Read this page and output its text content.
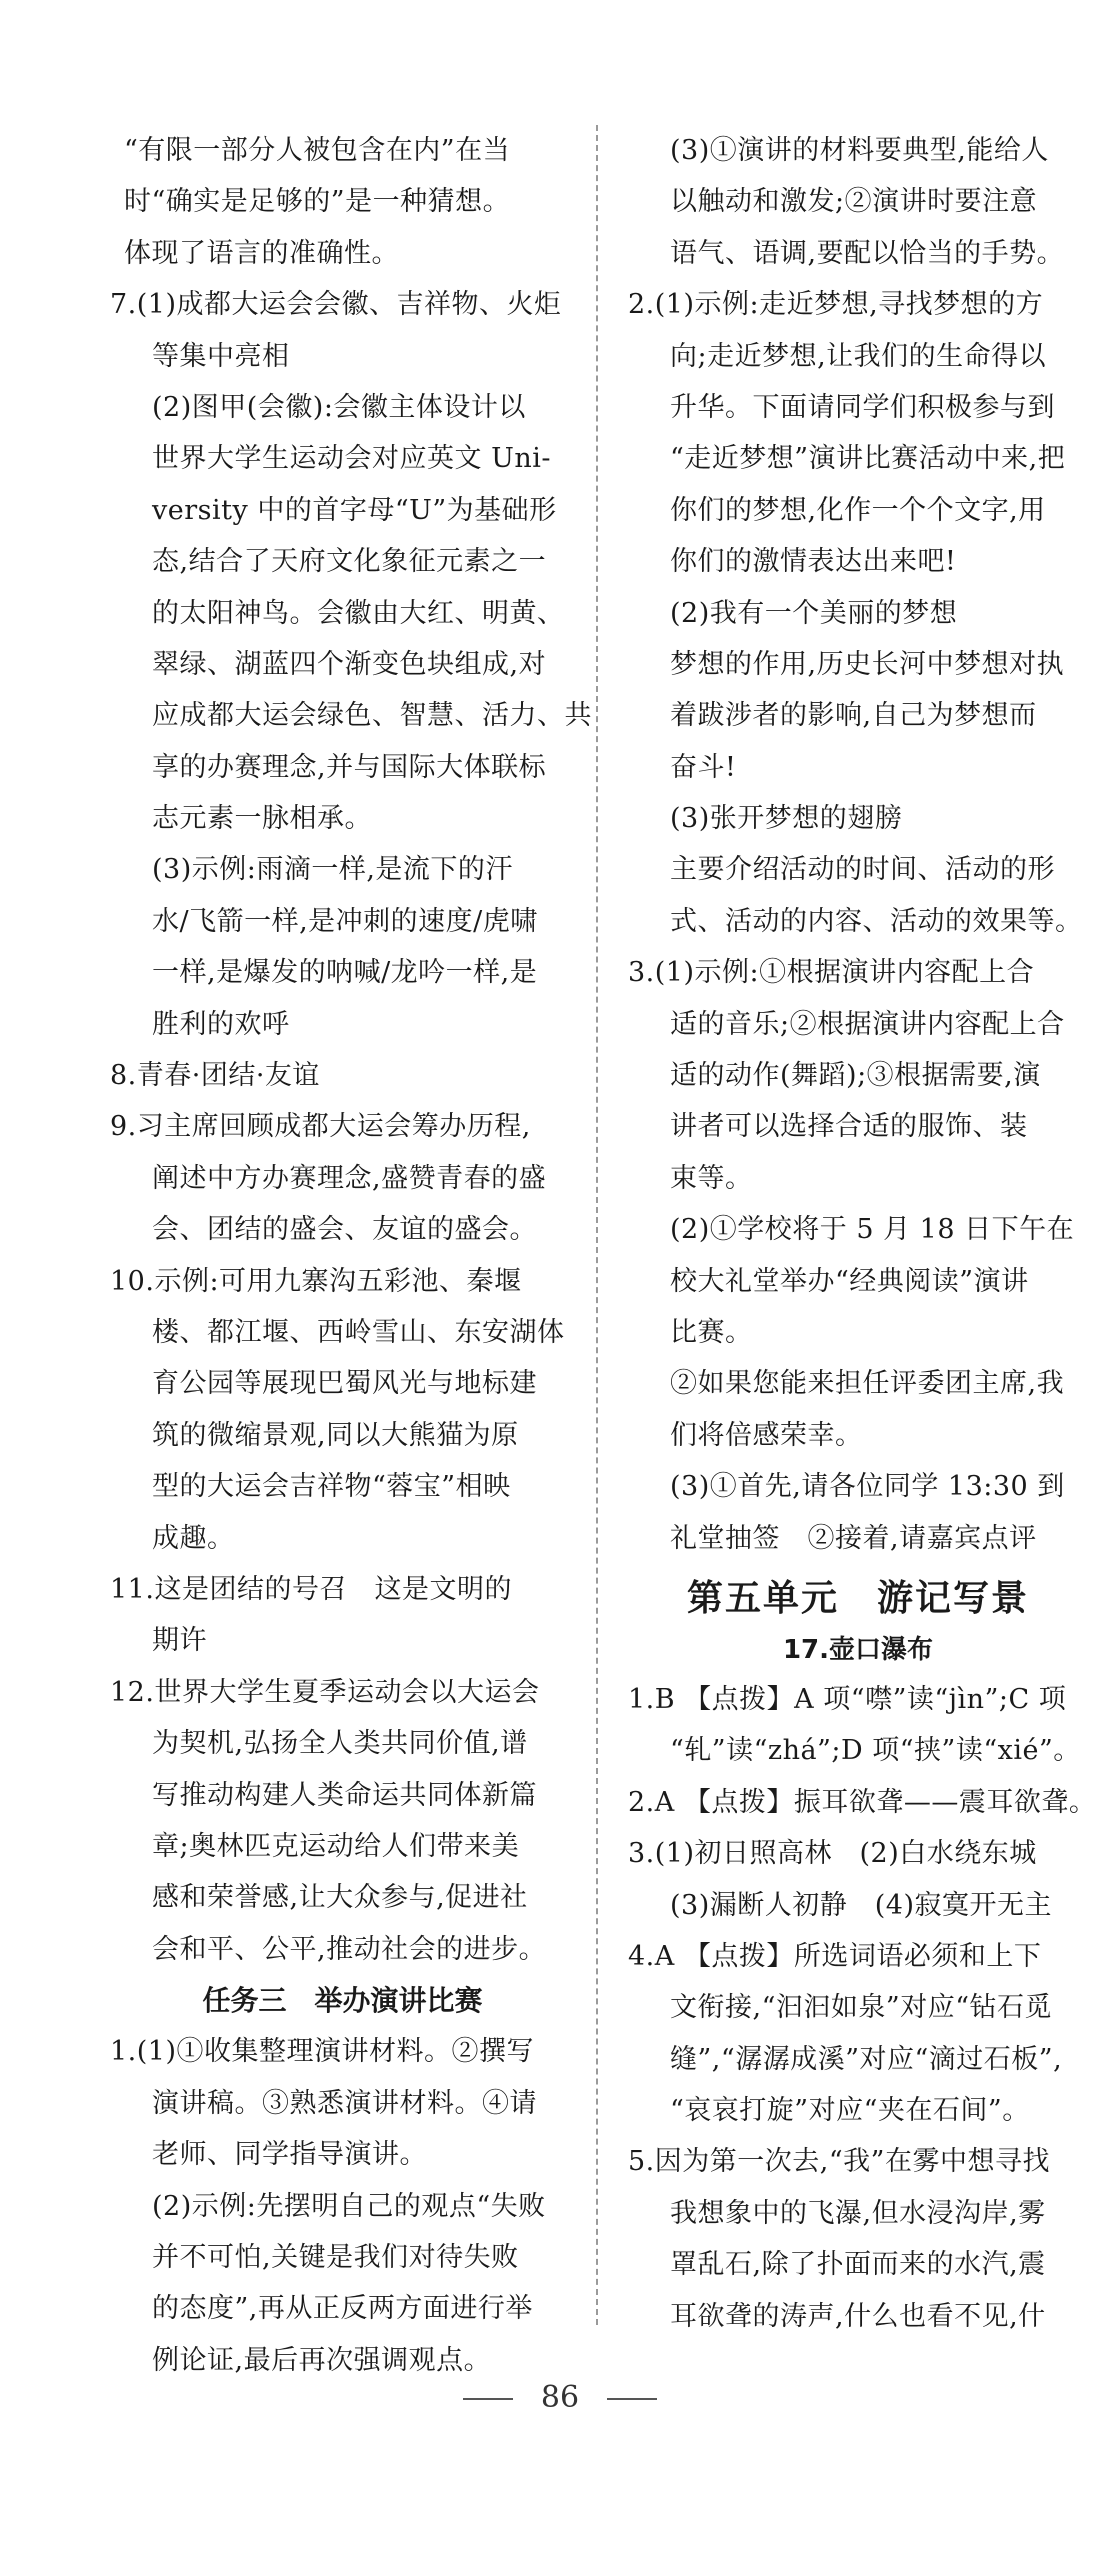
“有限一部分人被包含在内”在当
时“确实是足够的”是一种猜想。
体现了语言的准确性。
7.(1)成都大运会会徽、吉祥物、火炬
等集中亮相
(2)图甲(会徽):会徽主体设计以
世界大学生运动会对应英文 Uni-
versity 中的首字母“U”为基础形
态,结合了天府文化象征元素之一
的太阳神鸟。会徽由大红、明黄、
翠绿、湖蓝四个渐变色块组成,对
应成都大运会绿色、智慧、活力、共
享的办赛理念,并与国际大体联标
志元素一脉相承。
(3)示例:雨滴一样,是流下的汗
水/飞箭一样,是冲刺的速度/虎啸
一样,是爆发的呐喊/龙吟一样,是
胜利的欢呼
8.青春·团结·友谊
9.习主席回顾成都大运会筹办历程,
阐述中方办赛理念,盛赞青春的盛
会、团结的盛会、友谊的盛会。
10.示例:可用九寨沟五彩池、秦堰
楼、都江堰、西岭雪山、东安湖体
育公园等展现巴蜀风光与地标建
筑的微缩景观,同以大熊猫为原
型的大运会吉祥物“蓉宝”相映
成趣。
11.这是团结的号召　这是文明的
期许
12.世界大学生夏季运动会以大运会
为契机,弘扬全人类共同价值,谱
写推动构建人类命运共同体新篇
章;奥林匹克运动给人们带来美
感和荣誉感,让大众参与,促进社
会和平、公平,推动社会的进步。
任务三　举办演讲比赛
1.(1)①收集整理演讲材料。②撰写
演讲稿。③熟悉演讲材料。④请
老师、同学指导演讲。
(2)示例:先摆明自己的观点“失败
并不可怕,关键是我们对待失败
的态度”,再从正反两方面进行举
例论证,最后再次强调观点。
(3)①演讲的材料要典型,能给人
以触动和激发;②演讲时要注意
语气、语调,要配以恰当的手势。
2.(1)示例:走近梦想,寻找梦想的方
向;走近梦想,让我们的生命得以
升华。下面请同学们积极参与到
“走近梦想”演讲比赛活动中来,把
你们的梦想,化作一个个文字,用
你们的激情表达出来吧!
(2)我有一个美丽的梦想
梦想的作用,历史长河中梦想对执
着跋涉者的影响,自己为梦想而
奋斗!
(3)张开梦想的翅膀
主要介绍活动的时间、活动的形
式、活动的内容、活动的效果等。
3.(1)示例:①根据演讲内容配上合
适的音乐;②根据演讲内容配上合
适的动作(舞蹈);③根据需要,演
讲者可以选择合适的服饰、装
束等。
(2)①学校将于 5 月 18 日下午在
校大礼堂举办“经典阅读”演讲
比赛。
②如果您能来担任评委团主席,我
们将倍感荣幸。
(3)①首先,请各位同学 13:30 到
礼堂抽签　②接着,请嘉宾点评
第五单元　游记写景
17.壶口瀑布
1.B 【点拨】A 项“噤”读“jìn”;C 项
“轧”读“zhá”;D 项“挟”读“xié”。
2.A 【点拨】振耳欲聋——震耳欲聋。
3.(1)初日照高林　(2)白水绕东城
(3)漏断人初静　(4)寂寞开无主
4.A 【点拨】所选词语必须和上下
文衔接,“汩汩如泉”对应“钻石觅
缝”,“潺潺成溪”对应“滴过石板”,
“哀哀打旋”对应“夹在石间”。
5.因为第一次去,“我”在雾中想寻找
我想象中的飞瀑,但水浸沟岸,雾
罩乱石,除了扑面而来的水汽,震
耳欲聋的涛声,什么也看不见,什
86
